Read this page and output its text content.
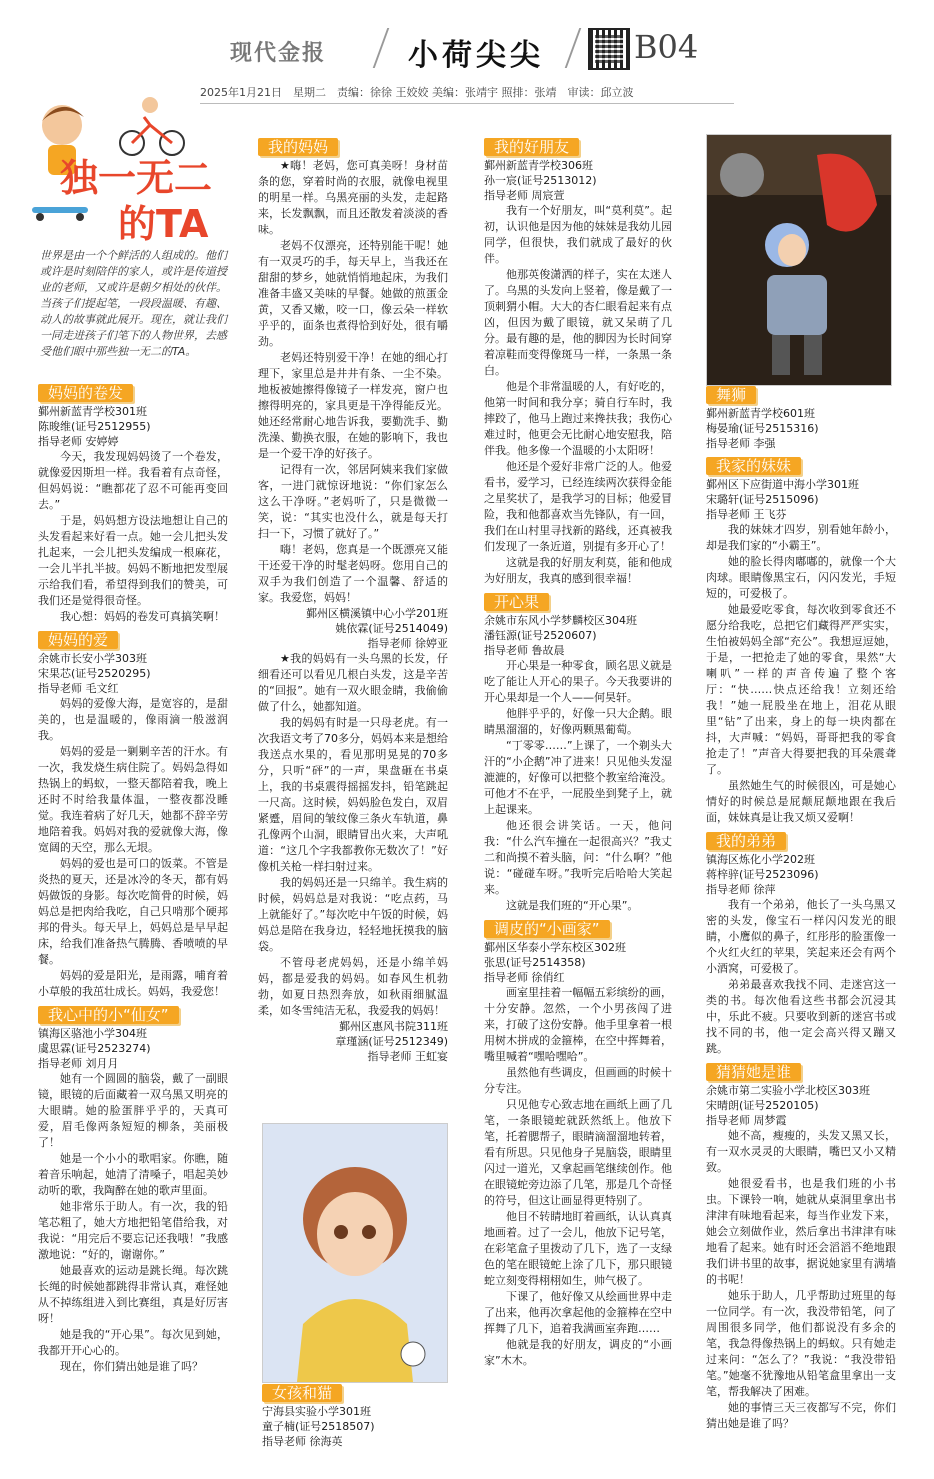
现代金报	小荷尖尖	B04
2025年1月21日　星期二　责编：徐徐 王姣姣 美编：张靖宇 照排：张靖　审读：邱立波
独一无二
的TA
世界是由一个个鲜活的人组成的。他们或许是时刻陪伴的家人，或许是传道授业的老师，又或许是朝夕相处的伙伴。当孩子们提起笔，一段段温暖、有趣、动人的故事就此展开。现在，就让我们一同走进孩子们笔下的人物世界，去感受他们眼中那些独一无二的TA。
妈妈的卷发
鄞州新蓝青学校301班
陈晙维(证号2512955)
指导老师 安婷婷

今天，我发现妈妈烫了一个卷发，就像爱因斯坦一样。我看着有点奇怪，但妈妈说：“瞧都花了忍不可能再变回去。”

于是，妈妈想方设法地想让自己的头发看起来好看一点。她一会儿把头发扎起来，一会儿把头发编成一根麻花，一会儿半扎半披。妈妈不断地把发型展示给我们看，希望得到我们的赞美，可我们还是觉得很奇怪。

我心想：妈妈的卷发可真搞笑啊！

妈妈的爱
余姚市长安小学303班
宋果芯(证号2520295)
指导老师 毛文红

妈妈的爱像大海，是宽容的，是甜美的，也是温暖的，像雨滴一般滋润我。

妈妈的爱是一剿剿辛苦的汗水。有一次，我发烧生病住院了。妈妈急得如热锅上的蚂蚁，一整天都陪着我，晚上还时不时给我量体温，一整夜都没睡觉。我连着病了好几天，她都不辞辛劳地陪着我。妈妈对我的爱就像大海，像宽阔的天空，那么无垠。

妈妈的爱也是可口的饭菜。不管是炎热的夏天，还是冰冷的冬天，都有妈妈做饭的身影。每次吃简骨的时候，妈妈总是把肉给我吃，自己只啃那个硬邦邦的骨头。每天早上，妈妈总是早早起床，给我们准备热气腾腾、香喷喷的早餐。

妈妈的爱是阳光，是雨露，哺育着小草般的我茁壮成长。妈妈，我爱您！

我心中的小“仙女”
镇海区骆池小学304班
虞思霖(证号2523274)
指导老师 刘月月

她有一个圆圆的脑袋，戴了一副眼镜，眼镜的后面藏着一双乌黑又明亮的大眼睛。她的脸蛋胖乎乎的，天真可爱，眉毛像两条短短的柳条，美丽极了！

她是一个小小的歌唱家。你瞧，随着音乐响起，她清了清嗓子，唱起美妙动听的歌，我陶醉在她的歌声里面。

她非常乐于助人。有一次，我的铅笔芯粗了，她大方地把铅笔借给我，对我说：“用完后不要忘记还我哦！”我感激地说：“好的，谢谢你。”

她最喜欢的运动是跳长绳。每次跳长绳的时候她都跳得非常认真，难怪她从不掉练组进入到比赛组，真是好厉害呀！

她是我的“开心果”。每次见到她，我都开开心心的。

现在，你们猜出她是谁了吗？

我的妈妈

★嗨！老妈，您可真美呀！身材苗条的您，穿着时尚的衣服，就像电视里的明星一样。乌黑亮丽的头发，走起路来，长发飘飘，而且还散发着淡淡的香味。

老妈不仅漂亮，还特别能干呢！她有一双灵巧的手，每天早上，当我还在甜甜的梦乡，她就悄悄地起床，为我们准备丰盛又美味的早餐。她做的煎蛋金黄，又香又嫩，咬一口，像云朵一样软乎乎的，面条也煮得恰到好处，很有嚼劲。

老妈还特别爱干净！在她的细心打理下，家里总是井井有条、一尘不染。地板被她擦得像镜子一样发亮，窗户也擦得明亮的，家具更是干净得能反光。她还经常耐心地告诉我，要勤洗手、勤洗澡、勤换衣服，在她的影响下，我也是一个爱干净的好孩子。

记得有一次，邻居阿姨来我们家做客，一进门就惊讶地说：“你们家怎么这么干净呀。”老妈听了，只是微微一笑，说：“其实也没什么，就是每天打扫一下，习惯了就好了。”

嗨！老妈，您真是一个既漂亮又能干还爱干净的时髦老妈呀。您用自己的双手为我们创造了一个温馨、舒适的家。我爱您，妈妈！

鄞州区横溪镇中心小学201班
姚依霖(证号2514049)
指导老师 徐婷亚

★我的妈妈有一头乌黑的长发，仔细看还可以看见几根白头发，这是辛苦的“回报”。她有一双火眼金睛，我偷偷做了什么，她都知道。

我的妈妈有时是一只母老虎。有一次我语文考了70多分，妈妈本来是想给我送点水果的，看见那明晃晃的70多分，只听“砰”的一声，果盘砸在书桌上，我的书桌震得摇摇发抖，铅笔跳起一尺高。这时候，妈妈脸色发白，双眉紧蹙，眉间的皱纹像三条火车轨道，鼻孔像两个山洞，眼睛冒出火来，大声吼道：“这几个字我都教你无数次了！”好像机关枪一样扫射过来。

我的妈妈还是一只绵羊。我生病的时候，妈妈总是对我说：“吃点药，马上就能好了。”每次吃中午饭的时候，妈妈总是陪在我身边，轻轻地抚摸我的脑袋。

不管母老虎妈妈，还是小绵羊妈妈，都是爱我的妈妈。如春风生机勃勃，如夏日热烈奔放，如秋雨细腻温柔，如冬雪纯洁无私，我爱我的妈妈！

鄞州区惠风书院311班
章瑾涵(证号2512349)
指导老师 王虹宴
女孩和猫
宁海县实验小学301班
童子楠(证号2518507)
指导老师 徐海英
我的好朋友
鄞州新蓝青学校306班
孙一宸(证号2513012)
指导老师 周宸萱

我有一个好朋友，叫“莫利莫”。起初，认识他是因为他的妹妹是我幼儿园同学，但很快，我们就成了最好的伙伴。

他那英俊潇洒的样子，实在太迷人了。乌黑的头发向上竖着，像是戴了一顶刺猬小帽。大大的杏仁眼看起来有点凶，但因为戴了眼镜，就又呆萌了几分。最有趣的是，他的脚因为长时间穿着凉鞋而变得像斑马一样，一条黑一条白。

他是个非常温暖的人，有好吃的，他第一时间和我分享；骑自行车时，我摔跤了，他马上跑过来搀扶我；我伤心难过时，他更会无比耐心地安慰我，陪伴我。他多像一个温暖的小太阳呀！

他还是个爱好非常广泛的人。他爱看书，爱学习，已经连续两次获得金能之星奖状了，是我学习的目标；他爱冒险，我和他都喜欢当先锋队，有一回，我们在山村里寻找新的路线，还真被我们发现了一条近道，别提有多开心了！

这就是我的好朋友利莫，能和他成为好朋友，我真的感到很幸福！

开心果
余姚市东风小学梦麟校区304班
潘钰源(证号2520607)
指导老师 鲁故晨

开心果是一种零食，顾名思义就是吃了能让人开心的果子。今天我要讲的开心果却是一个人——何昊轩。

他胖乎乎的，好像一只大企鹅。眼睛黑溜溜的，好像两颗黑葡萄。

“丁零零……”上课了，一个剃头大汗的“小企鹅”冲了进来！只见他头发湿漉漉的，好像可以把整个教室给淹没。可他才不在乎，一屁股坐到凳子上，就上起课来。

他还很会讲笑话。一天，他问我：“什么汽车撞在一起很高兴？”我丈二和尚摸不着头脑，问：“什么啊？”他说：“碰碰车呀。”我听完后哈哈大笑起来。

这就是我们班的“开心果”。

调皮的“小画家”
鄞州区华泰小学东校区302班
张思(证号2514358)
指导老师 徐俏红

画室里挂着一幅幅五彩缤纷的画，十分安静。忽然，一个小男孩闯了进来，打破了这份安静。他手里拿着一根用树木拼成的金箍棒，在空中挥舞着，嘴里喊着“嘿哈嘿哈”。

虽然他有些调皮，但画画的时候十分专注。

只见他专心致志地在画纸上画了几笔，一条眼镜蛇就跃然纸上。他放下笔，托着腮帮子，眼睛滴溜溜地转着，看有所思。只见他身子晃脑袋，眼睛里闪过一道光，又拿起画笔继续创作。他在眼镜蛇旁边添了几笔，那是几个奇怪的符号，但这让画显得更特别了。

他目不转睛地盯着画纸，认认真真地画着。过了一会儿，他放下记号笔，在彩笔盒子里拨动了几下，选了一支绿色的笔在眼镜蛇上涂了几下，那只眼镜蛇立刻变得栩栩如生，帅气极了。

下课了，他好像又从绘画世界中走了出来，他再次拿起他的金箍棒在空中挥舞了几下，追着我满画室奔跑……

他就是我的好朋友，调皮的“小画家”木木。

舞狮
鄞州新蓝青学校601班
梅晏瑜(证号2515316)
指导老师 李强
我家的妹妹
鄞州区下应街道中海小学301班
宋璐轩(证号2515096)
指导老师 王飞芬

我的妹妹才四岁，别看她年龄小，却是我们家的“小霸王”。

她的脸长得肉嘟嘟的，就像一个大肉球。眼睛像黑宝石，闪闪发光，手短短的，可爱极了。

她最爱吃零食，每次收到零食还不愿分给我吃，总把它们藏得严严实实，生怕被妈妈全部“充公”。我想逗逗她，于是，一把抢走了她的零食，果然“大喇叭”一样的声音传遍了整个客厅：“快……快点还给我！立刻还给我！”她一屁股坐在地上，泪花从眼里“钻”了出来，身上的每一块肉都在抖，大声喊：“妈妈，哥哥把我的零食抢走了！”声音大得要把我的耳朵震聋了。

虽然她生气的时候很凶，可是她心情好的时候总是屁颠屁颠地跟在我后面，妹妹真是让我又烦又爱啊！

我的弟弟
镇海区炼化小学202班
蒋梓骍(证号2523096)
指导老师 徐萍

我有一个弟弟，他长了一头乌黑又密的头发，像宝石一样闪闪发光的眼睛，小鹰似的鼻子，红彤彤的脸蛋像一个火红火红的苹果，笑起来还会有两个小酒窝，可爱极了。

弟弟最喜欢我找不同、走迷宫这一类的书。每次他看这些书都会沉浸其中，乐此不疲。只要收到新的迷宫书或找不同的书，他一定会高兴得又蹦又跳。

猜猜她是谁
余姚市第二实验小学北校区303班
宋晴朗(证号2520105)
指导老师 周梦霞

她不高，瘦瘦的，头发又黑又长，有一双水灵灵的大眼睛，嘴巴又小又精致。

她很爱看书，也是我们班的小书虫。下课铃一响，她就从桌洞里拿出书津津有味地看起来，每当作业发下来，她会立刻做作业，然后拿出书津津有味地看了起来。她有时还会滔滔不绝地跟我们讲书里的故事，据说她家里有满墙的书呢！

她乐于助人，几乎帮助过班里的每一位同学。有一次，我没带铅笔，问了周围很多同学，他们都说没有多余的笔，我急得像热锅上的蚂蚁。只有她走过来问：“怎么了？”我说：“我没带铅笔。”她毫不犹豫地从铅笔盒里拿出一支笔，帮我解决了困难。

她的事情三天三夜都写不完，你们猜出她是谁了吗？
